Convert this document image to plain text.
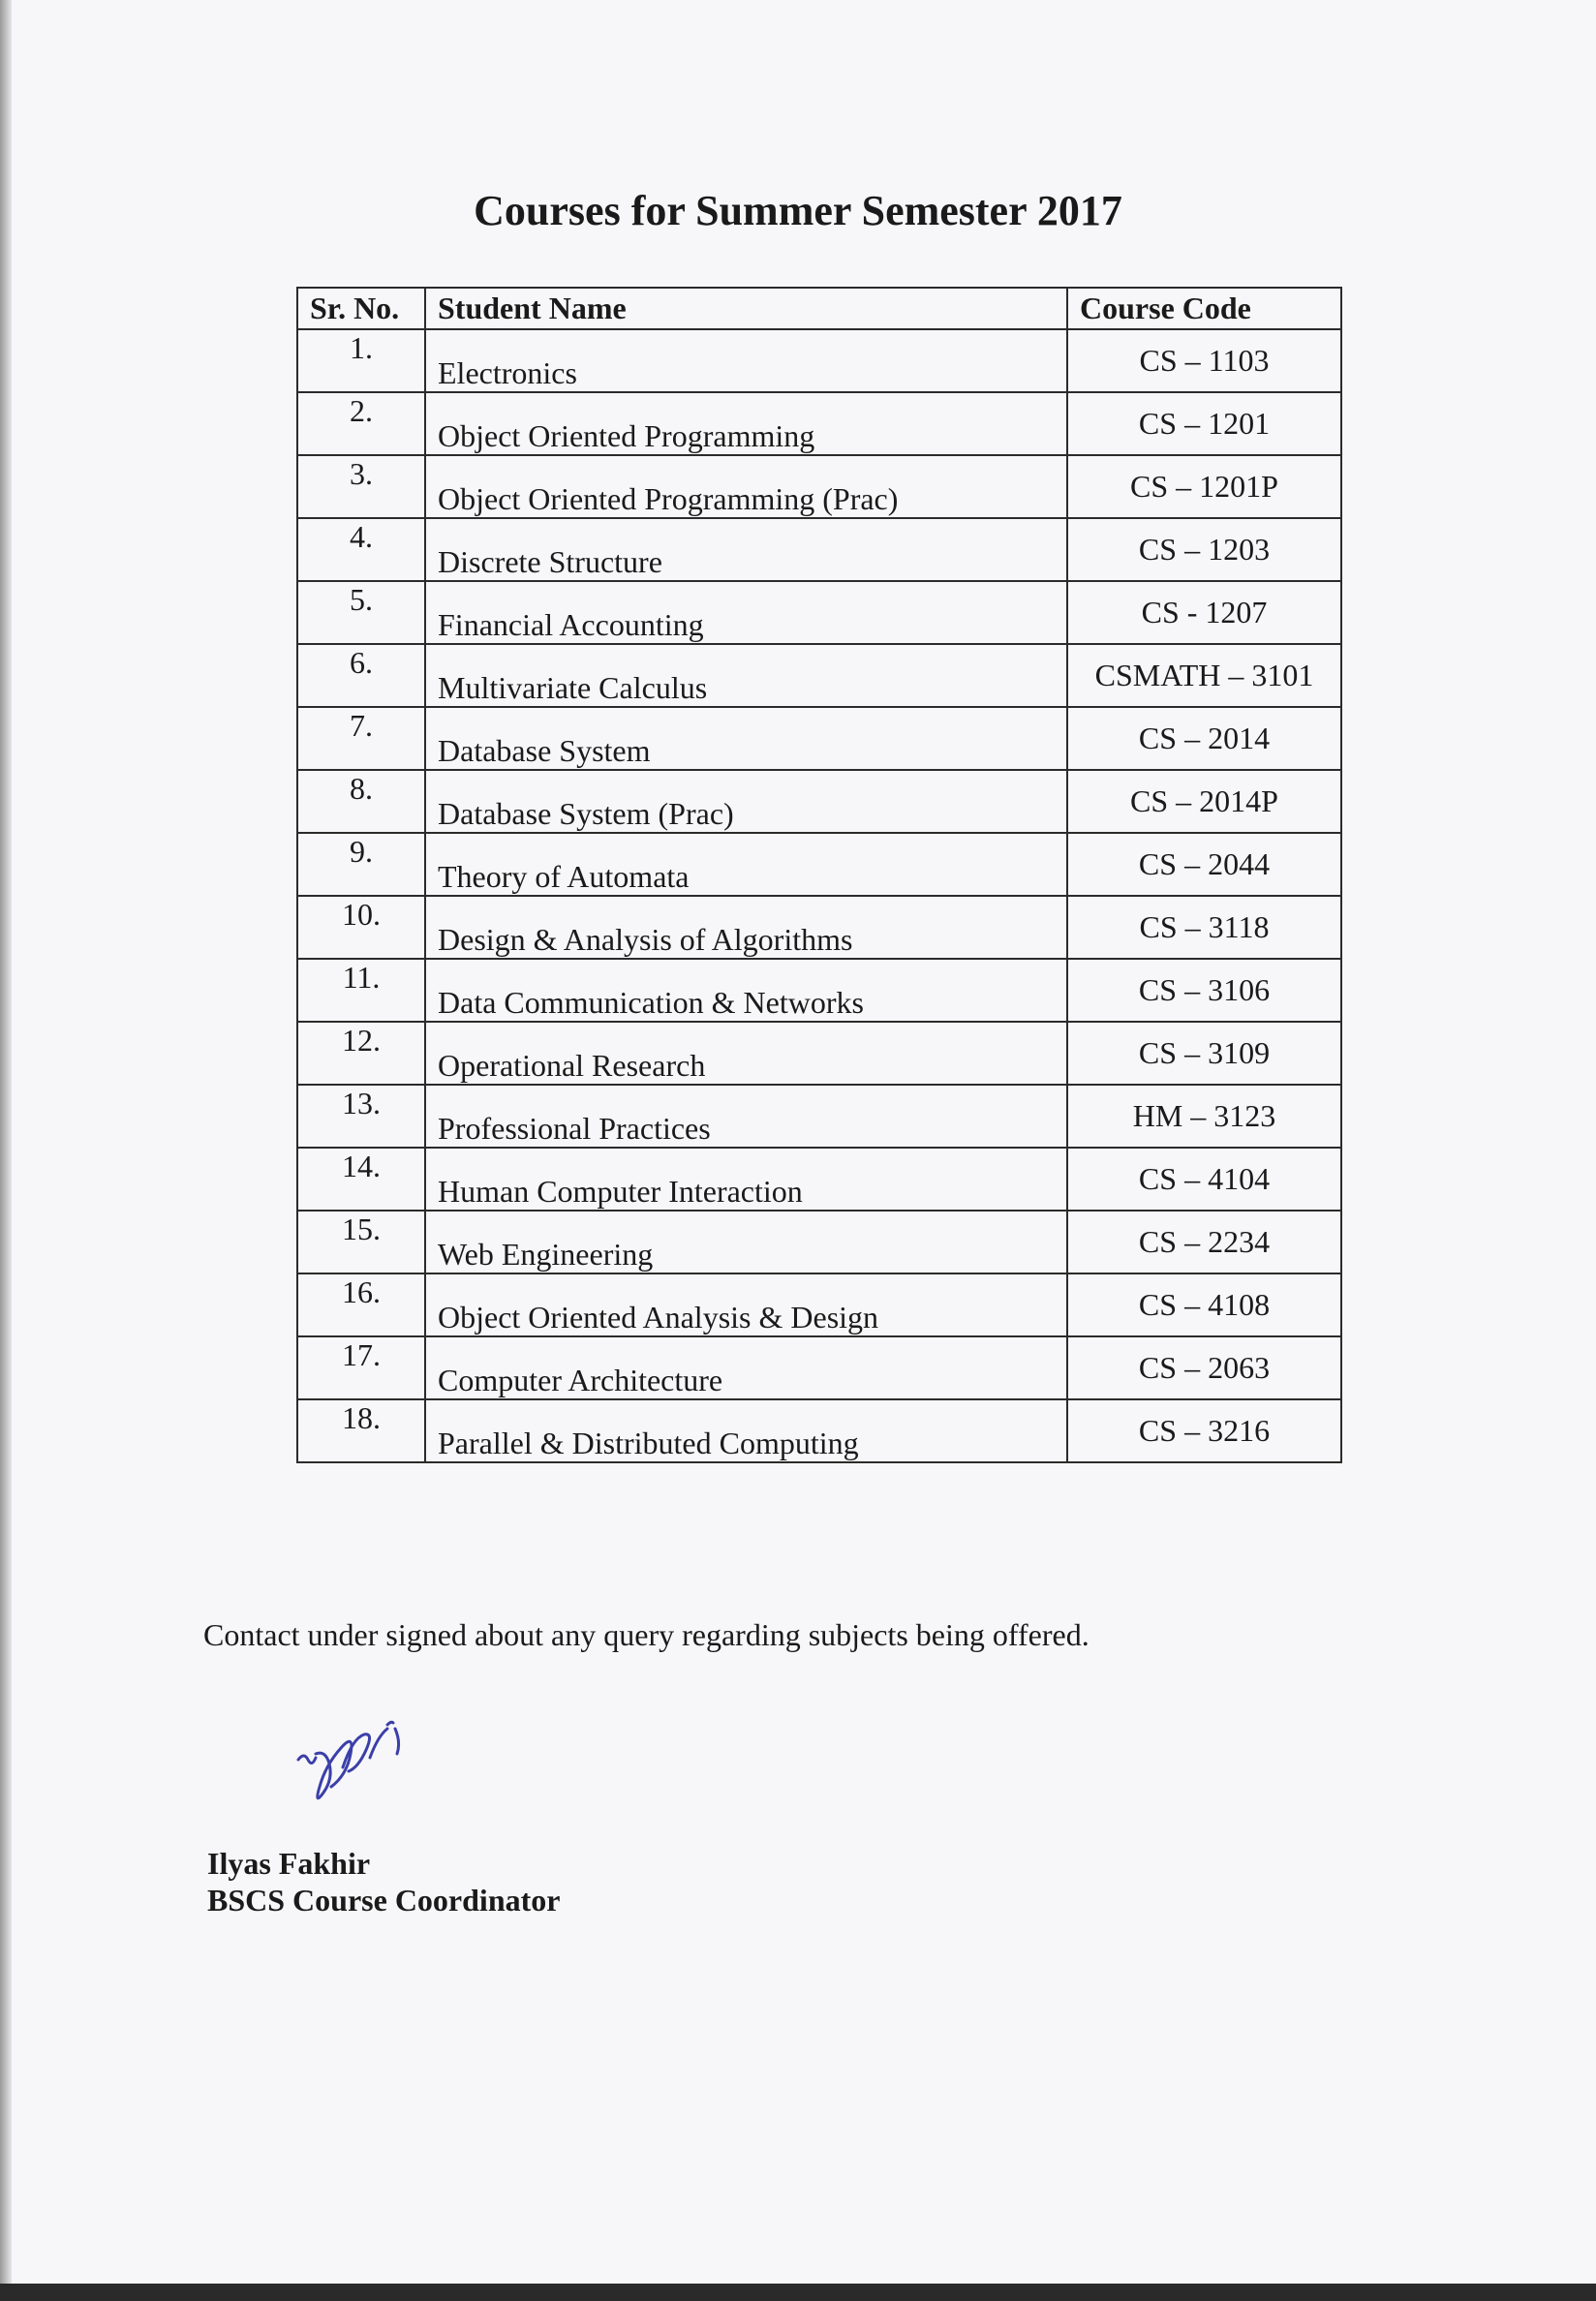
Courses for Summer Semester 2017
Sr. No.	Student Name	Course Code
1.	Electronics	CS – 1103
2.	Object Oriented Programming	CS – 1201
3.	Object Oriented Programming (Prac)	CS – 1201P
4.	Discrete Structure	CS – 1203
5.	Financial Accounting	CS - 1207
6.	Multivariate Calculus	CSMATH – 3101
7.	Database System	CS – 2014
8.	Database System (Prac)	CS – 2014P
9.	Theory of Automata	CS – 2044
10.	Design & Analysis of Algorithms	CS – 3118
11.	Data Communication & Networks	CS – 3106
12.	Operational Research	CS – 3109
13.	Professional Practices	HM – 3123
14.	Human Computer Interaction	CS – 4104
15.	Web Engineering	CS – 2234
16.	Object Oriented Analysis & Design	CS – 4108
17.	Computer Architecture	CS – 2063
18.	Parallel & Distributed Computing	CS – 3216
Contact under signed about any query regarding subjects being offered.
Ilyas Fakhir
BSCS Course Coordinator
